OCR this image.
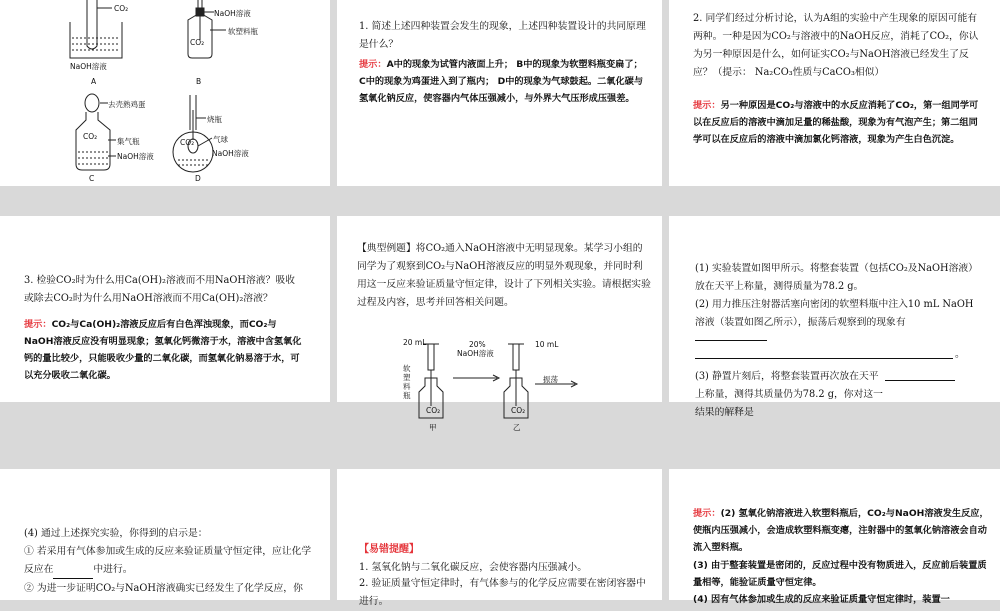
CO₂
NaOH溶液
A
NaOH溶液
软塑料瓶
CO₂
B
去壳熟鸡蛋
CO₂
集气瓶
NaOH溶液
C
烧瓶
CO₂	气球
NaOH溶液
D
1. 简述上述四种装置会发生的现象，上述四种装置设计的共同原理是什么？
提示：A中的现象为试管内液面上升； B中的现象为软塑料瓶变扁了； C中的现象为鸡蛋进入到了瓶内； D中的现象为气球鼓起。二氧化碳与氢氧化钠反应，使容器内气体压强减小，与外界大气压形成压强差。
2. 同学们经过分析讨论，认为A组的实验中产生现象的原因可能有两种。一种是因为CO₂与溶液中的NaOH反应，消耗了CO₂，你认为另一种原因是什么，如何证实CO₂与NaOH溶液已经发生了反应？（提示： Na₂CO₃性质与CaCO₃相似）
提示：另一种原因是CO₂与溶液中的水反应消耗了CO₂，第一组同学可以在反应后的溶液中滴加足量的稀盐酸，现象为有气泡产生；第二组同学可以在反应后的溶液中滴加氯化钙溶液，现象为产生白色沉淀。
3. 检验CO₂时为什么用Ca(OH)₂溶液而不用NaOH溶液？吸收或除去CO₂时为什么用NaOH溶液而不用Ca(OH)₂溶液？
提示：CO₂与Ca(OH)₂溶液反应后有白色浑浊现象，而CO₂与NaOH溶液反应没有明显现象；氢氧化钙微溶于水，溶液中含氢氧化钙的量比较少，只能吸收少量的二氧化碳，而氢氧化钠易溶于水，可以充分吸收二氧化碳。
【典型例题】将CO₂通入NaOH溶液中无明显现象。某学习小组的同学为了观察到CO₂与NaOH溶液反应的明显外观现象，并同时利用这一反应来验证质量守恒定律，设计了下列相关实验。请根据实验过程及内容，思考并回答相关问题。
20 mL	20%
NaOH溶液
10 mL
软塑料瓶
CO₂
振荡
CO₂
甲	乙
(1) 实验装置如图甲所示。将整套装置（包括CO₂及NaOH溶液）放在天平上称量，测得质量为78.2 g。
(2) 用力推压注射器活塞向密闭的软塑料瓶中注入10 mL NaOH溶液（装置如图乙所示），振荡后观察到的现象有
。
(3) 静置片刻后，将整套装置再次放在天平上称量，测得其质量仍为78.2 g，你对这一结果的解释是
(4) 通过上述探究实验，你得到的启示是：
① 若采用有气体参加或生成的反应来验证质量守恒定律，应让化学反应在	中进行。
② 为进一步证明CO₂与NaOH溶液确实已经发生了化学反应，你
【易错提醒】
1. 氢氧化钠与二氧化碳反应，会使容器内压强减小。
2. 验证质量守恒定律时，有气体参与的化学反应需要在密闭容器中进行。
提示：(2) 氢氧化钠溶液进入软塑料瓶后，CO₂与NaOH溶液发生反应，使瓶内压强减小，会造成软塑料瓶变瘪，注射器中的氢氧化钠溶液会自动流入塑料瓶。
(3) 由于整套装置是密闭的，反应过程中没有物质进入，反应前后装置质量相等，能验证质量守恒定律。
(4) 因有气体参加或生成的反应来验证质量守恒定律时，装置一
